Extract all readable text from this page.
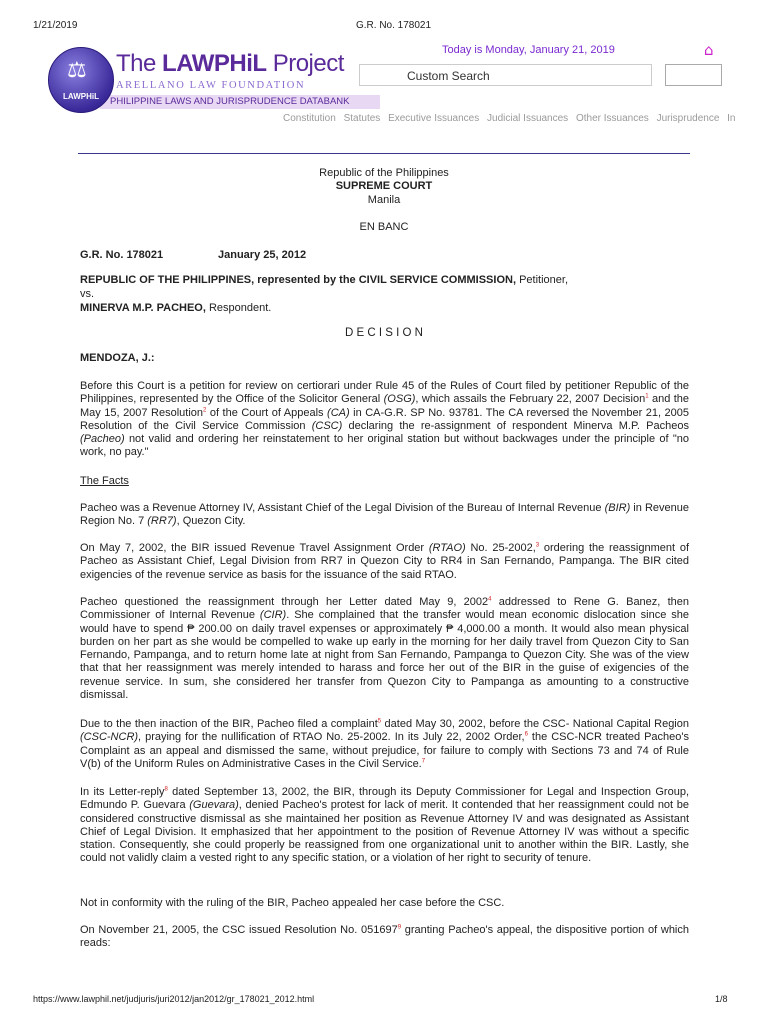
1/21/2019	G.R. No. 178021
⚖
LAWPHiL
The LAWPHiL Project
ARELLANO LAW FOUNDATION
PHILIPPINE LAWS AND JURISPRUDENCE DATABANK
Today is Monday, January 21, 2019	⌂
Custom Search
Constitution Statutes Executive Issuances Judicial Issuances Other Issuances Jurisprudence In
Republic of the Philippines
SUPREME COURT
Manila
EN BANC
G.R. No. 178021	January 25, 2012
REPUBLIC OF THE PHILIPPINES, represented by the CIVIL SERVICE COMMISSION, Petitioner,
vs.
MINERVA M.P. PACHEO, Respondent.
D E C I S I O N
MENDOZA, J.:
Before this Court is a petition for review on certiorari under Rule 45 of the Rules of Court filed by petitioner Republic of the Philippines, represented by the Office of the Solicitor General (OSG), which assails the February 22, 2007 Decision$^1$ and the May 15, 2007 Resolution$^2$ of the Court of Appeals (CA) in CA-G.R. SP No. 93781. The CA reversed the November 21, 2005 Resolution of the Civil Service Commission (CSC) declaring the re-assignment of respondent Minerva M.P. Pacheos (Pacheo) not valid and ordering her reinstatement to her original station but without backwages under the principle of "no work, no pay."
The Facts
Pacheo was a Revenue Attorney IV, Assistant Chief of the Legal Division of the Bureau of Internal Revenue (BIR) in Revenue Region No. 7 (RR7), Quezon City.
On May 7, 2002, the BIR issued Revenue Travel Assignment Order (RTAO) No. 25-2002,$^3$ ordering the reassignment of Pacheo as Assistant Chief, Legal Division from RR7 in Quezon City to RR4 in San Fernando, Pampanga. The BIR cited exigencies of the revenue service as basis for the issuance of the said RTAO.
Pacheo questioned the reassignment through her Letter dated May 9, 2002$^4$ addressed to Rene G. Banez, then Commissioner of Internal Revenue (CIR). She complained that the transfer would mean economic dislocation since she would have to spend ₱ 200.00 on daily travel expenses or approximately ₱ 4,000.00 a month. It would also mean physical burden on her part as she would be compelled to wake up early in the morning for her daily travel from Quezon City to San Fernando, Pampanga, and to return home late at night from San Fernando, Pampanga to Quezon City. She was of the view that that her reassignment was merely intended to harass and force her out of the BIR in the guise of exigencies of the revenue service. In sum, she considered her transfer from Quezon City to Pampanga as amounting to a constructive dismissal.
Due to the then inaction of the BIR, Pacheo filed a complaint$^5$ dated May 30, 2002, before the CSC- National Capital Region (CSC-NCR), praying for the nullification of RTAO No. 25-2002. In its July 22, 2002 Order,$^6$ the CSC-NCR treated Pacheo's Complaint as an appeal and dismissed the same, without prejudice, for failure to comply with Sections 73 and 74 of Rule V(b) of the Uniform Rules on Administrative Cases in the Civil Service.$^7$
In its Letter-reply$^8$ dated September 13, 2002, the BIR, through its Deputy Commissioner for Legal and Inspection Group, Edmundo P. Guevara (Guevara), denied Pacheo's protest for lack of merit. It contended that her reassignment could not be considered constructive dismissal as she maintained her position as Revenue Attorney IV and was designated as Assistant Chief of Legal Division. It emphasized that her appointment to the position of Revenue Attorney IV was without a specific station. Consequently, she could properly be reassigned from one organizational unit to another within the BIR. Lastly, she could not validly claim a vested right to any specific station, or a violation of her right to security of tenure.
Not in conformity with the ruling of the BIR, Pacheo appealed her case before the CSC.
On November 21, 2005, the CSC issued Resolution No. 051697$^9$ granting Pacheo's appeal, the dispositive portion of which reads:
https://www.lawphil.net/judjuris/juri2012/jan2012/gr_178021_2012.html	1/8
